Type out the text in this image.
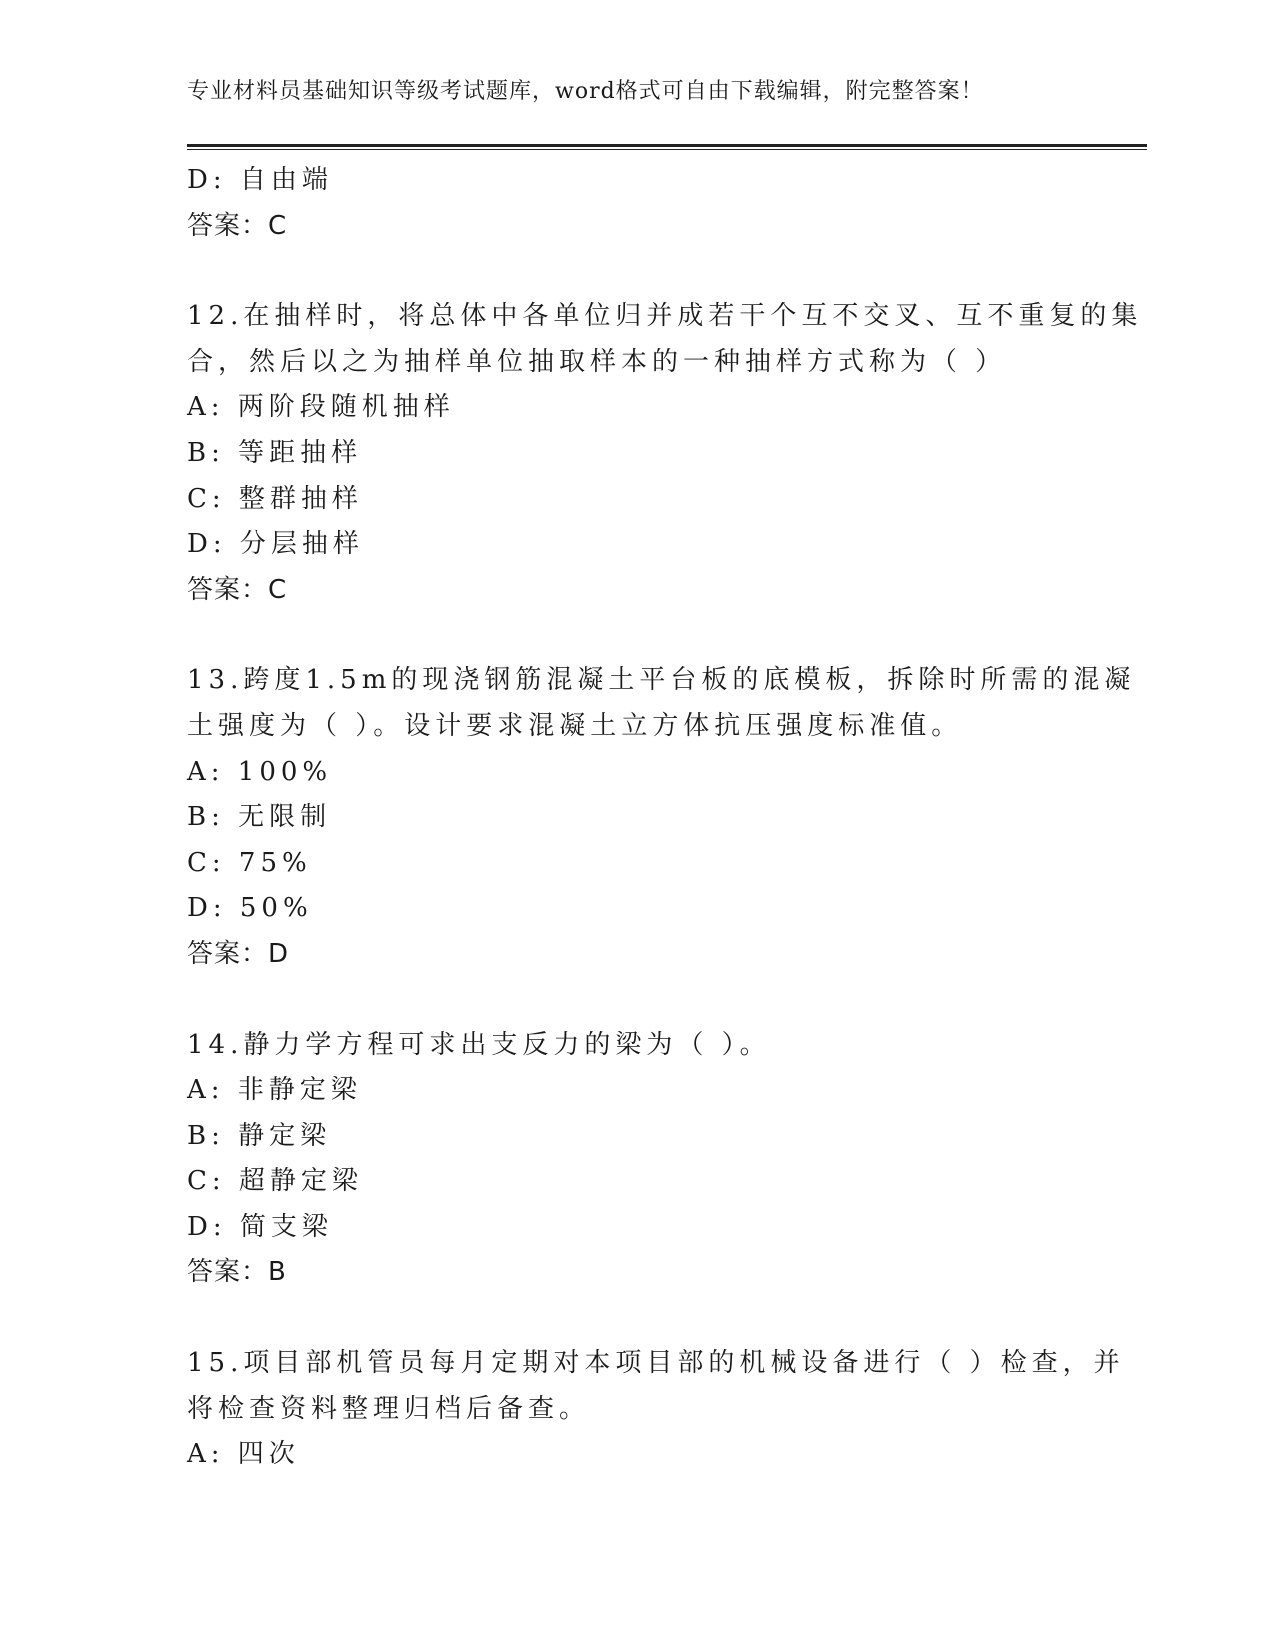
专业材料员基础知识等级考试题库，word格式可自由下载编辑，附完整答案！
D: 自由端
答案：C
12.在抽样时，将总体中各单位归并成若干个互不交叉、互不重复的集
合，然后以之为抽样单位抽取样本的一种抽样方式称为（ ）
A: 两阶段随机抽样
B: 等距抽样
C: 整群抽样
D: 分层抽样
答案：C
13.跨度1.5m的现浇钢筋混凝土平台板的底模板，拆除时所需的混凝
土强度为（ ）。设计要求混凝土立方体抗压强度标准值。
A: 100%
B: 无限制
C: 75%
D: 50%
答案：D
14.静力学方程可求出支反力的梁为（ ）。
A: 非静定梁
B: 静定梁
C: 超静定梁
D: 简支梁
答案：B
15.项目部机管员每月定期对本项目部的机械设备进行（ ）检查，并
将检查资料整理归档后备查。
A: 四次
